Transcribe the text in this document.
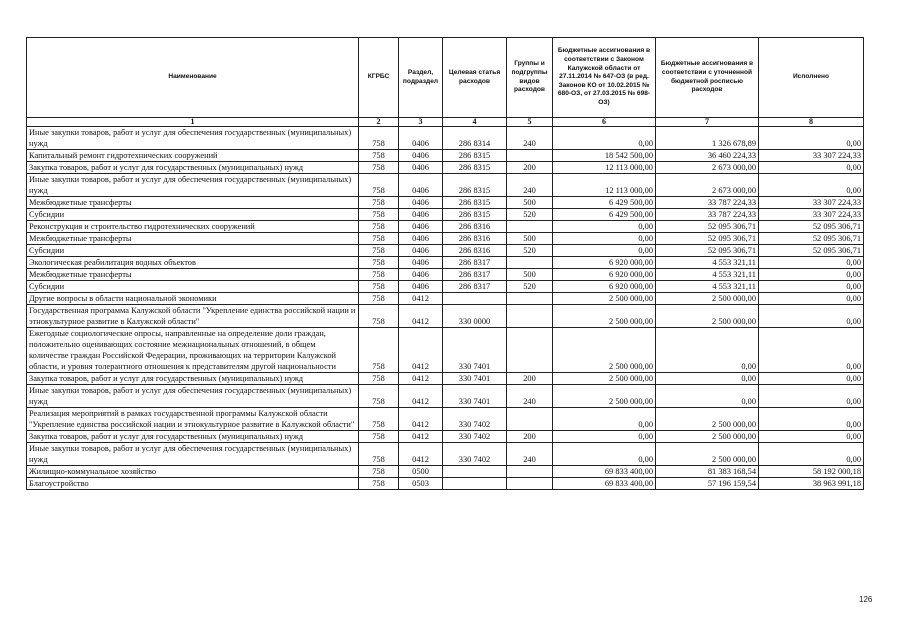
Наименование	КГРБС	Раздел, подраздел	Целевая статья расходов	Группы и подгруппы видов расходов	Бюджетные ассигнования в соответствии с Законом Калужской области от 27.11.2014 № 647-ОЗ (в ред. Законов КО от 10.02.2015 № 680-ОЗ, от 27.03.2015 № 698-ОЗ)	Бюджетные ассигнования в соответствии с уточненной бюджетной росписью расходов	Исполнено
1	2	3	4	5	6	7	8
Иные закупки товаров, работ и услуг для обеспечения государственных (муниципальных) нужд	758	0406	286 8314	240	0,00	1 326 678,89	0,00
Капитальный ремонт гидротехнических сооружений	758	0406	286 8315		18 542 500,00	36 460 224,33	33 307 224,33
Закупка товаров, работ и услуг для государственных (муниципальных) нужд	758	0406	286 8315	200	12 113 000,00	2 673 000,00	0,00
Иные закупки товаров, работ и услуг для обеспечения государственных (муниципальных) нужд	758	0406	286 8315	240	12 113 000,00	2 673 000,00	0,00
Межбюджетные трансферты	758	0406	286 8315	500	6 429 500,00	33 787 224,33	33 307 224,33
Субсидии	758	0406	286 8315	520	6 429 500,00	33 787 224,33	33 307 224,33
Реконструкция и строительство гидротехнических сооружений	758	0406	286 8316		0,00	52 095 306,71	52 095 306,71
Межбюджетные трансферты	758	0406	286 8316	500	0,00	52 095 306,71	52 095 306,71
Субсидии	758	0406	286 8316	520	0,00	52 095 306,71	52 095 306,71
Экологическая реабилитация водных объектов	758	0406	286 8317		6 920 000,00	4 553 321,11	0,00
Межбюджетные трансферты	758	0406	286 8317	500	6 920 000,00	4 553 321,11	0,00
Субсидии	758	0406	286 8317	520	6 920 000,00	4 553 321,11	0,00
Другие вопросы в области национальной экономики	758	0412			2 500 000,00	2 500 000,00	0,00
Государственная программа Калужской области "Укрепление единства российской нации и этнокультурное развитие в Калужской области"	758	0412	330 0000		2 500 000,00	2 500 000,00	0,00
Ежегодные социологические опросы, направленные на определение доли граждан, положительно оценивающих состояние межнациональных отношений, в общем количестве граждан Российской Федерации, проживающих на территории Калужской области, и уровня толерантного отношения к представителям другой национальности	758	0412	330 7401		2 500 000,00	0,00	0,00
Закупка товаров, работ и услуг для государственных (муниципальных) нужд	758	0412	330 7401	200	2 500 000,00	0,00	0,00
Иные закупки товаров, работ и услуг для обеспечения государственных (муниципальных) нужд	758	0412	330 7401	240	2 500 000,00	0,00	0,00
Реализация мероприятий в рамках государственной программы Калужской области "Укрепление единства российской нации и этнокультурное развитие в Калужской области"	758	0412	330 7402		0,00	2 500 000,00	0,00
Закупка товаров, работ и услуг для государственных (муниципальных) нужд	758	0412	330 7402	200	0,00	2 500 000,00	0,00
Иные закупки товаров, работ и услуг для обеспечения государственных (муниципальных) нужд	758	0412	330 7402	240	0,00	2 500 000,00	0,00
Жилищно-коммунальное хозяйство	758	0500			69 833 400,00	81 383 168,54	58 192 000,18
Благоустройство	758	0503			69 833 400,00	57 196 159,54	38 963 991,18
126
